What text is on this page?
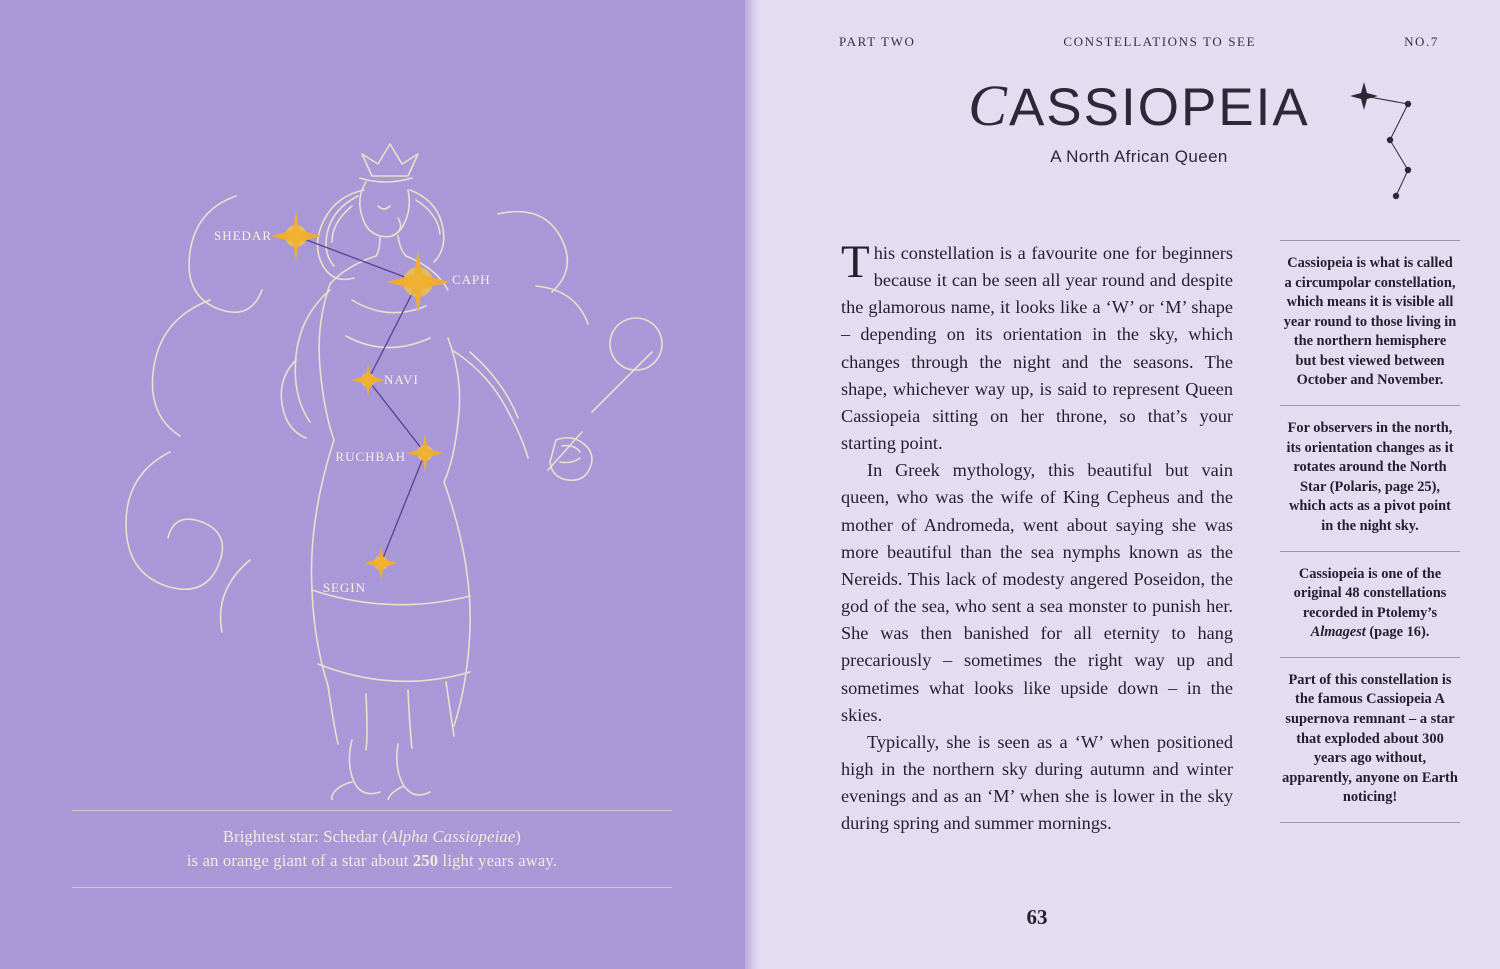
SHEDAR
CAPH
NAVI
RUCHBAH
SEGIN
Brightest star: Schedar (Alpha Cassiopeiae)
is an orange giant of a star about 250 light years away.
PART TWO	CONSTELLATIONS TO SEE	NO.7
CASSIOPEIA
A North African Queen

This constellation is a favourite one for beginners because it can be seen all year round and despite the glamorous name, it looks like a ‘W’ or ‘M’ shape – depending on its orientation in the sky, which changes through the night and the seasons. The shape, whichever way up, is said to represent Queen Cassiopeia sitting on her throne, so that’s your starting point.

In Greek mythology, this beautiful but vain queen, who was the wife of King Cepheus and the mother of Andromeda, went about saying she was more beautiful than the sea nymphs known as the Nereids. This lack of modesty angered Poseidon, the god of the sea, who sent a sea monster to punish her. She was then banished for all eternity to hang precariously – sometimes the right way up and sometimes what looks like upside down – in the skies.

Typically, she is seen as a ‘W’ when positioned high in the northern sky during autumn and winter evenings and as an ‘M’ when she is lower in the sky during spring and summer mornings.

Cassiopeia is what is called a circumpolar constellation, which means it is visible all year round to those living in the northern hemisphere but best viewed between October and November.
For observers in the north, its orientation changes as it rotates around the North Star (Polaris, page 25), which acts as a pivot point in the night sky.
Cassiopeia is one of the original 48 constellations recorded in Ptolemy’s Almagest (page 16).
Part of this constellation is the famous Cassiopeia A supernova remnant – a star that exploded about 300 years ago without, apparently, anyone on Earth noticing!
63
